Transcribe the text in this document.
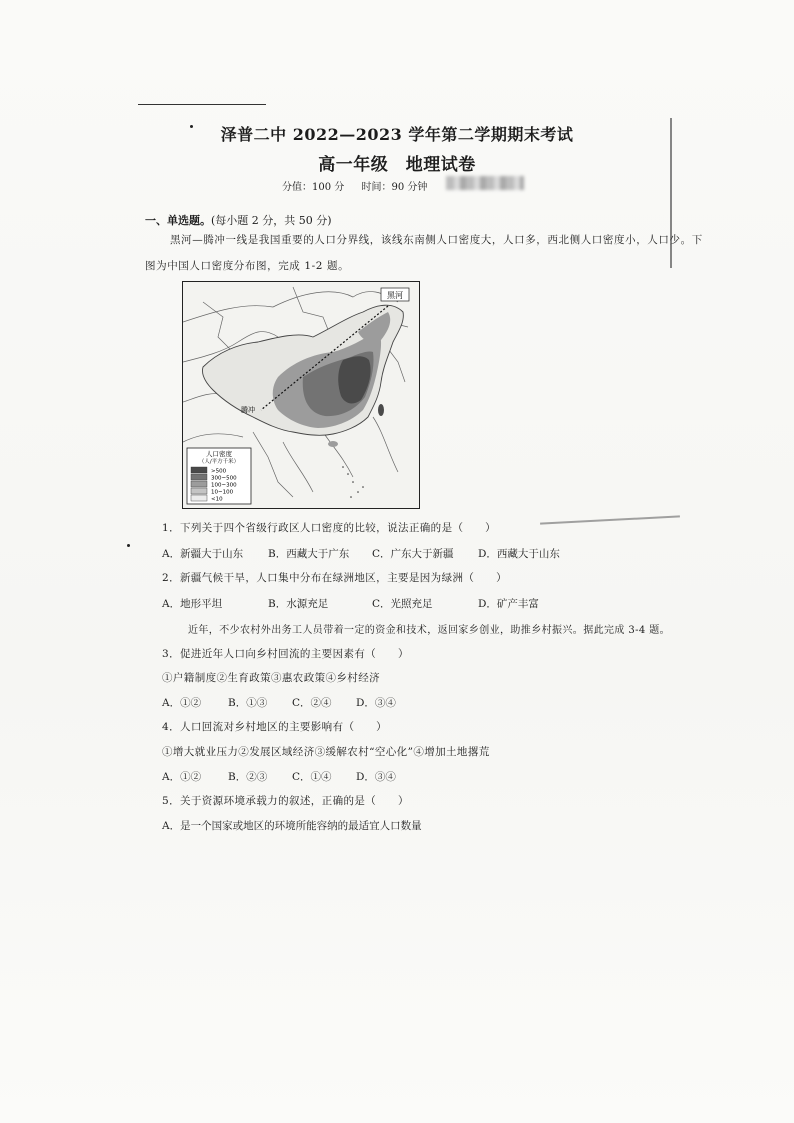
泽普二中 2022—2023 学年第二学期期末考试
高一年级　地理试卷
分值：100 分 时间：90 分钟
一、单选题。(每小题 2 分，共 50 分)
黑河—腾冲一线是我国重要的人口分界线，该线东南侧人口密度大，人口多，西北侧人口密度小，人口少。下
图为中国人口密度分布图，完成 1-2 题。
黑河
腾冲
人口密度
（人/平方千米）
>500
300~500
100~300
10~100
<10
1．下列关于四个省级行政区人口密度的比较，说法正确的是（　　）
A．新疆大于山东 B．西藏大于广东 C．广东大于新疆 D．西藏大于山东
2．新疆气候干旱，人口集中分布在绿洲地区，主要是因为绿洲（　　）
A．地形平坦	B．水源充足	C．光照充足	D．矿产丰富
近年，不少农村外出务工人员带着一定的资金和技术，返回家乡创业，助推乡村振兴。据此完成 3-4 题。
3．促进近年人口向乡村回流的主要因素有（　　）
①户籍制度②生育政策③惠农政策④乡村经济
A．①②	B．①③ C．②④ D．③④
4．人口回流对乡村地区的主要影响有（　　）
①增大就业压力②发展区域经济③缓解农村“空心化”④增加土地撂荒
A．①②	B．②③ C．①④ D．③④
5．关于资源环境承载力的叙述，正确的是（　　）
A．是一个国家或地区的环境所能容纳的最适宜人口数量
